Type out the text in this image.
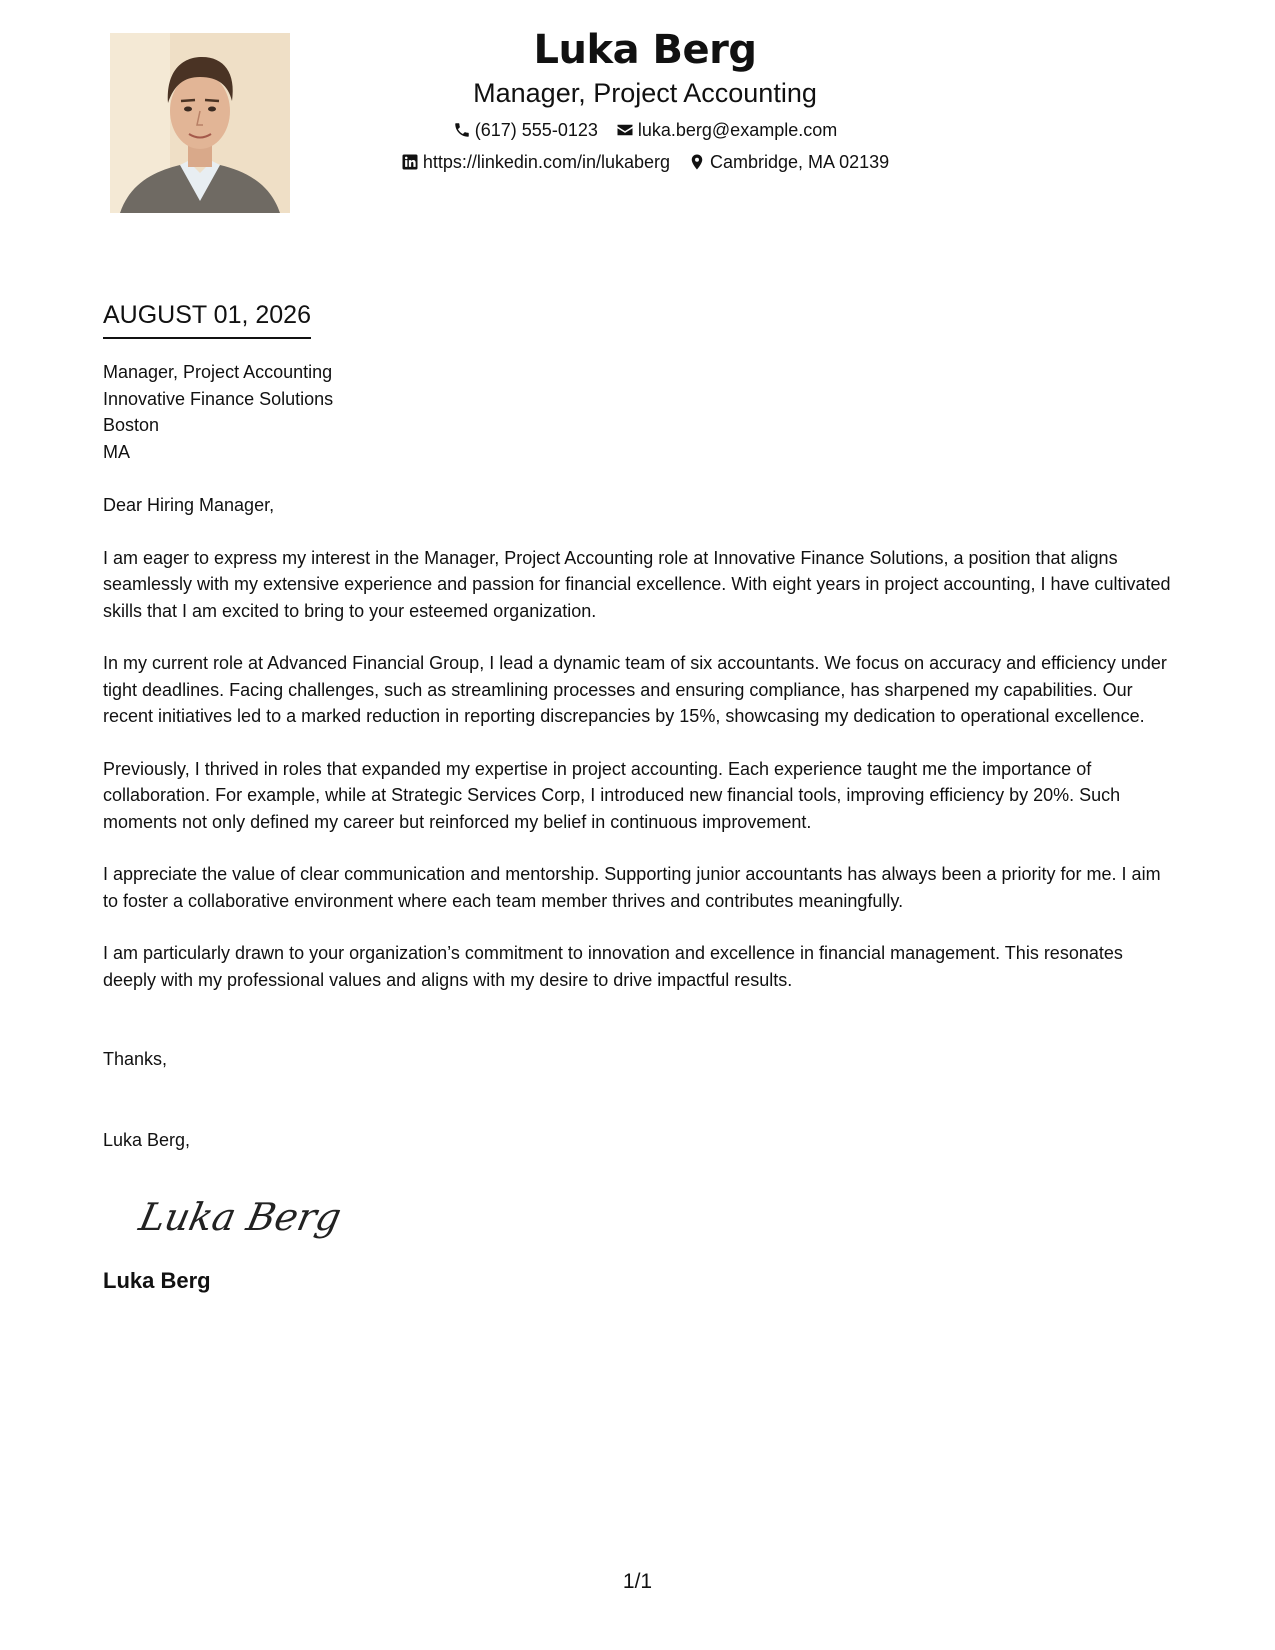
Luka Berg
Manager, Project Accounting
(617) 555-0123 luka.berg@example.com
https://linkedin.com/in/lukaberg Cambridge, MA 02139
AUGUST 01, 2026
Manager, Project Accounting
Innovative Finance Solutions
Boston
MA

Dear Hiring Manager,

I am eager to express my interest in the Manager, Project Accounting role at Innovative Finance Solutions, a position that aligns seamlessly with my extensive experience and passion for financial excellence. With eight years in project accounting, I have cultivated skills that I am excited to bring to your esteemed organization.

In my current role at Advanced Financial Group, I lead a dynamic team of six accountants. We focus on accuracy and efficiency under tight deadlines. Facing challenges, such as streamlining processes and ensuring compliance, has sharpened my capabilities. Our recent initiatives led to a marked reduction in reporting discrepancies by 15%, showcasing my dedication to operational excellence.

Previously, I thrived in roles that expanded my expertise in project accounting. Each experience taught me the importance of collaboration. For example, while at Strategic Services Corp, I introduced new financial tools, improving efficiency by 20%. Such moments not only defined my career but reinforced my belief in continuous improvement.

I appreciate the value of clear communication and mentorship. Supporting junior accountants has always been a priority for me. I aim to foster a collaborative environment where each team member thrives and contributes meaningfully.

I am particularly drawn to your organization’s commitment to innovation and excellence in financial management. This resonates deeply with my professional values and aligns with my desire to drive impactful results.

Thanks,
Luka Berg,
Luka Berg
Luka Berg
1/1
